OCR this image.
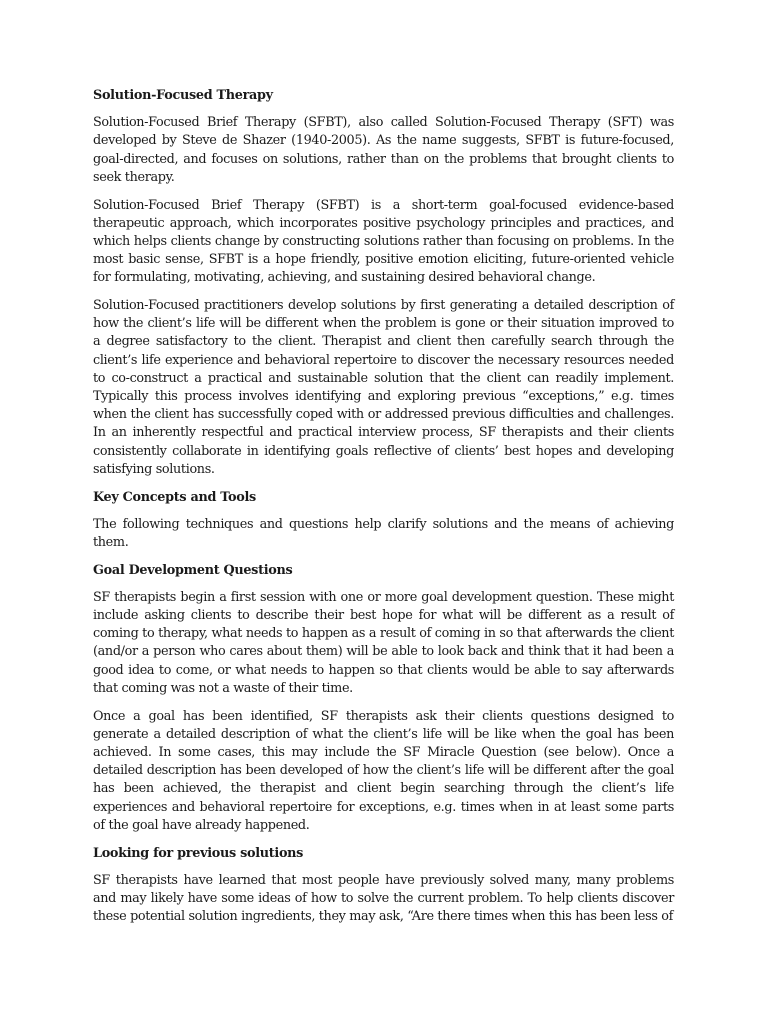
Solution-Focused Therapy

Solution-Focused Brief Therapy (SFBT), also called Solution-Focused Therapy (SFT) was developed by Steve de Shazer (1940-2005). As the name suggests, SFBT is future-focused, goal-directed, and focuses on solutions, rather than on the problems that brought clients to seek therapy.

Solution-Focused Brief Therapy (SFBT) is a short-term goal-focused evidence-based therapeutic approach, which incorporates positive psychology principles and practices, and which helps clients change by constructing solutions rather than focusing on problems. In the most basic sense, SFBT is a hope friendly, positive emotion eliciting, future-oriented vehicle for formulating, motivating, achieving, and sustaining desired behavioral change.

Solution-Focused practitioners develop solutions by first generating a detailed description of how the client’s life will be different when the problem is gone or their situation improved to a degree satisfactory to the client. Therapist and client then carefully search through the client’s life experience and behavioral repertoire to discover the necessary resources needed to co-construct a practical and sustainable solution that the client can readily implement. Typically this process involves identifying and exploring previous “exceptions,” e.g. times when the client has successfully coped with or addressed previous difficulties and challenges. In an inherently respectful and practical interview process, SF therapists and their clients consistently collaborate in identifying goals reflective of clients’ best hopes and developing satisfying solutions.

Key Concepts and Tools

The following techniques and questions help clarify solutions and the means of achieving them.

Goal Development Questions

SF therapists begin a first session with one or more goal development question. These might include asking clients to describe their best hope for what will be different as a result of coming to therapy, what needs to happen as a result of coming in so that afterwards the client (and/or a person who cares about them) will be able to look back and think that it had been a good idea to come, or what needs to happen so that clients would be able to say afterwards that coming was not a waste of their time.

Once a goal has been identified, SF therapists ask their clients questions designed to generate a detailed description of what the client’s life will be like when the goal has been achieved. In some cases, this may include the SF Miracle Question (see below). Once a detailed description has been developed of how the client’s life will be different after the goal has been achieved, the therapist and client begin searching through the client’s life experiences and behavioral repertoire for exceptions, e.g. times when in at least some parts of the goal have already happened.

Looking for previous solutions

SF therapists have learned that most people have previously solved many, many problems and may likely have some ideas of how to solve the current problem. To help clients discover these potential solution ingredients, they may ask, “Are there times when this has been less of
